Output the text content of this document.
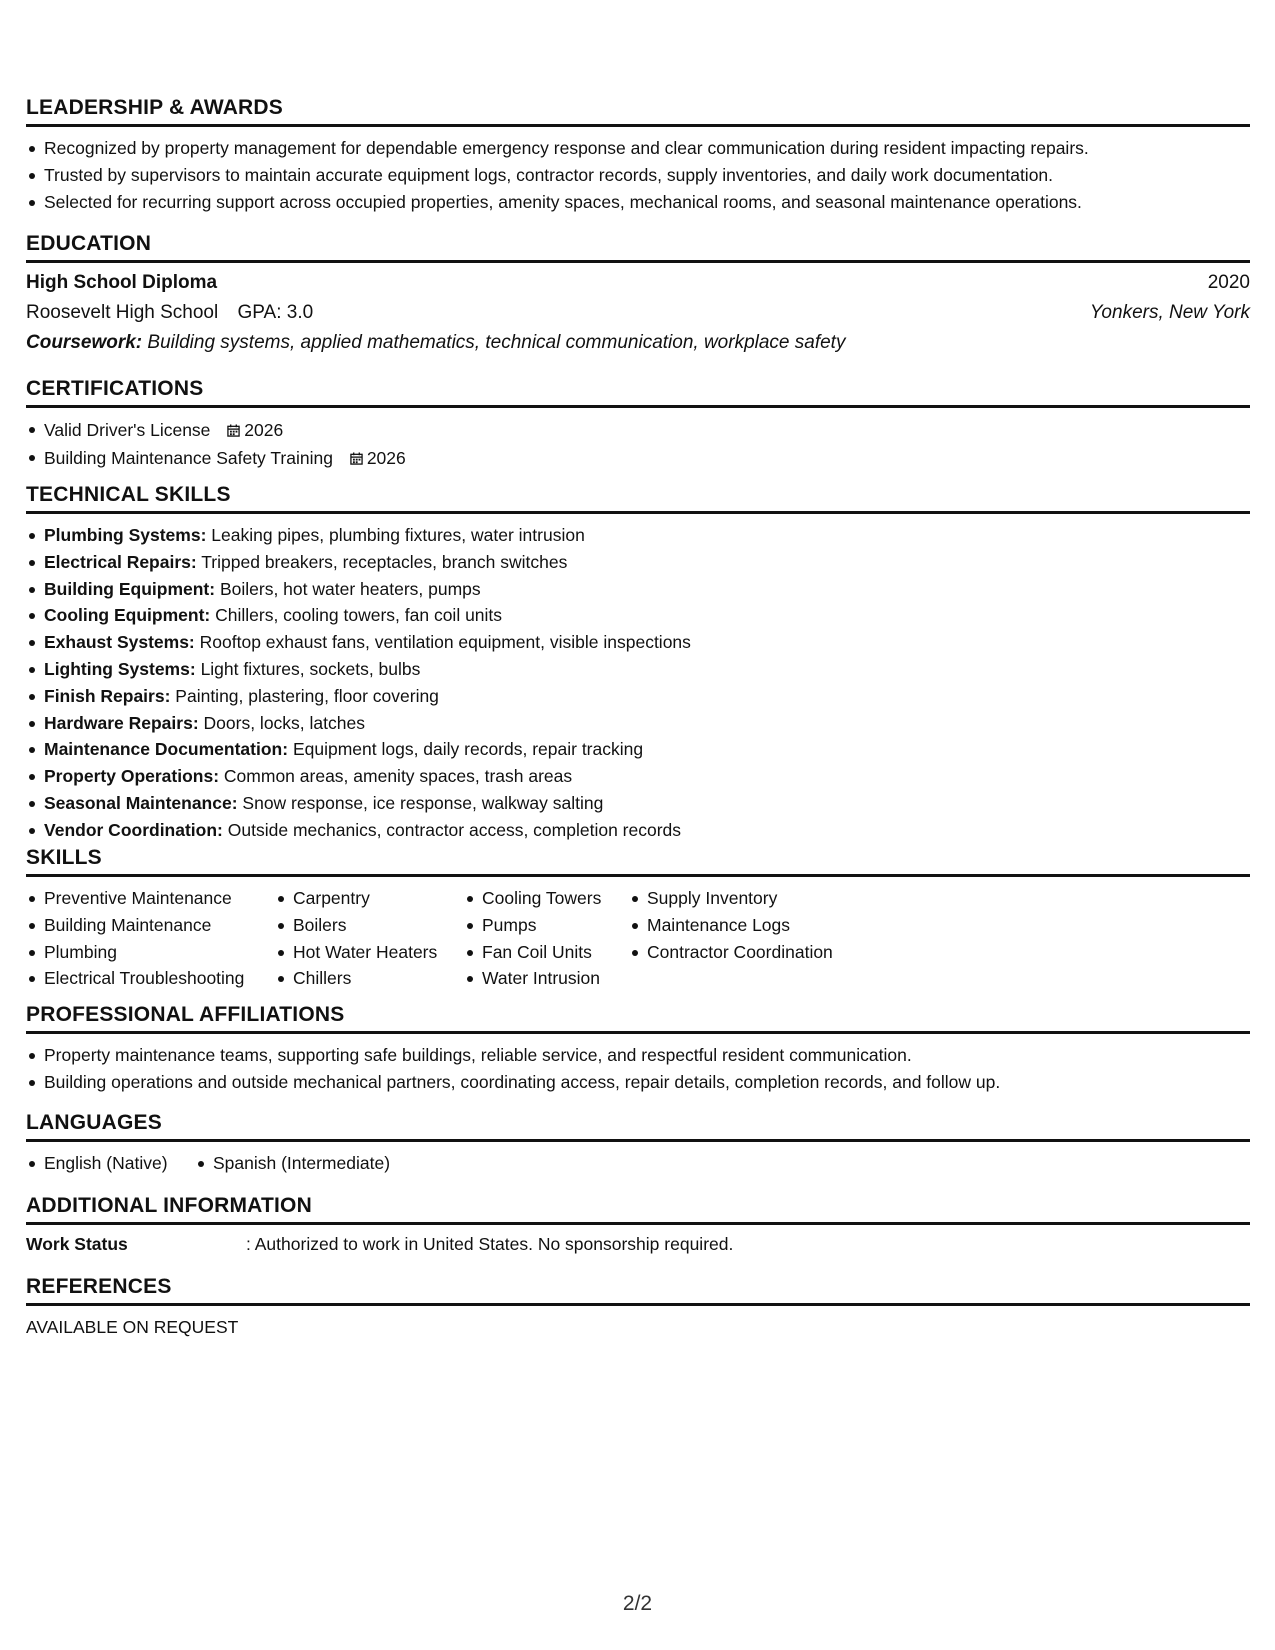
LEADERSHIP & AWARDS
Recognized by property management for dependable emergency response and clear communication during resident impacting repairs.
Trusted by supervisors to maintain accurate equipment logs, contractor records, supply inventories, and daily work documentation.
Selected for recurring support across occupied properties, amenity spaces, mechanical rooms, and seasonal maintenance operations.
EDUCATION
High School Diploma	2020
Roosevelt High School GPA: 3.0	Yonkers, New York
Coursework: Building systems, applied mathematics, technical communication, workplace safety
CERTIFICATIONS
Valid Driver's License 2026
Building Maintenance Safety Training 2026
TECHNICAL SKILLS
Plumbing Systems: Leaking pipes, plumbing fixtures, water intrusion
Electrical Repairs: Tripped breakers, receptacles, branch switches
Building Equipment: Boilers, hot water heaters, pumps
Cooling Equipment: Chillers, cooling towers, fan coil units
Exhaust Systems: Rooftop exhaust fans, ventilation equipment, visible inspections
Lighting Systems: Light fixtures, sockets, bulbs
Finish Repairs: Painting, plastering, floor covering
Hardware Repairs: Doors, locks, latches
Maintenance Documentation: Equipment logs, daily records, repair tracking
Property Operations: Common areas, amenity spaces, trash areas
Seasonal Maintenance: Snow response, ice response, walkway salting
Vendor Coordination: Outside mechanics, contractor access, completion records
SKILLS
Preventive Maintenance
Building Maintenance
Plumbing
Electrical Troubleshooting
Carpentry
Boilers
Hot Water Heaters
Chillers
Cooling Towers
Pumps
Fan Coil Units
Water Intrusion
Supply Inventory
Maintenance Logs
Contractor Coordination
PROFESSIONAL AFFILIATIONS
Property maintenance teams, supporting safe buildings, reliable service, and respectful resident communication.
Building operations and outside mechanical partners, coordinating access, repair details, completion records, and follow up.
LANGUAGES
English (Native)	Spanish (Intermediate)
ADDITIONAL INFORMATION
Work Status	: Authorized to work in United States. No sponsorship required.
REFERENCES
AVAILABLE ON REQUEST
2/2
